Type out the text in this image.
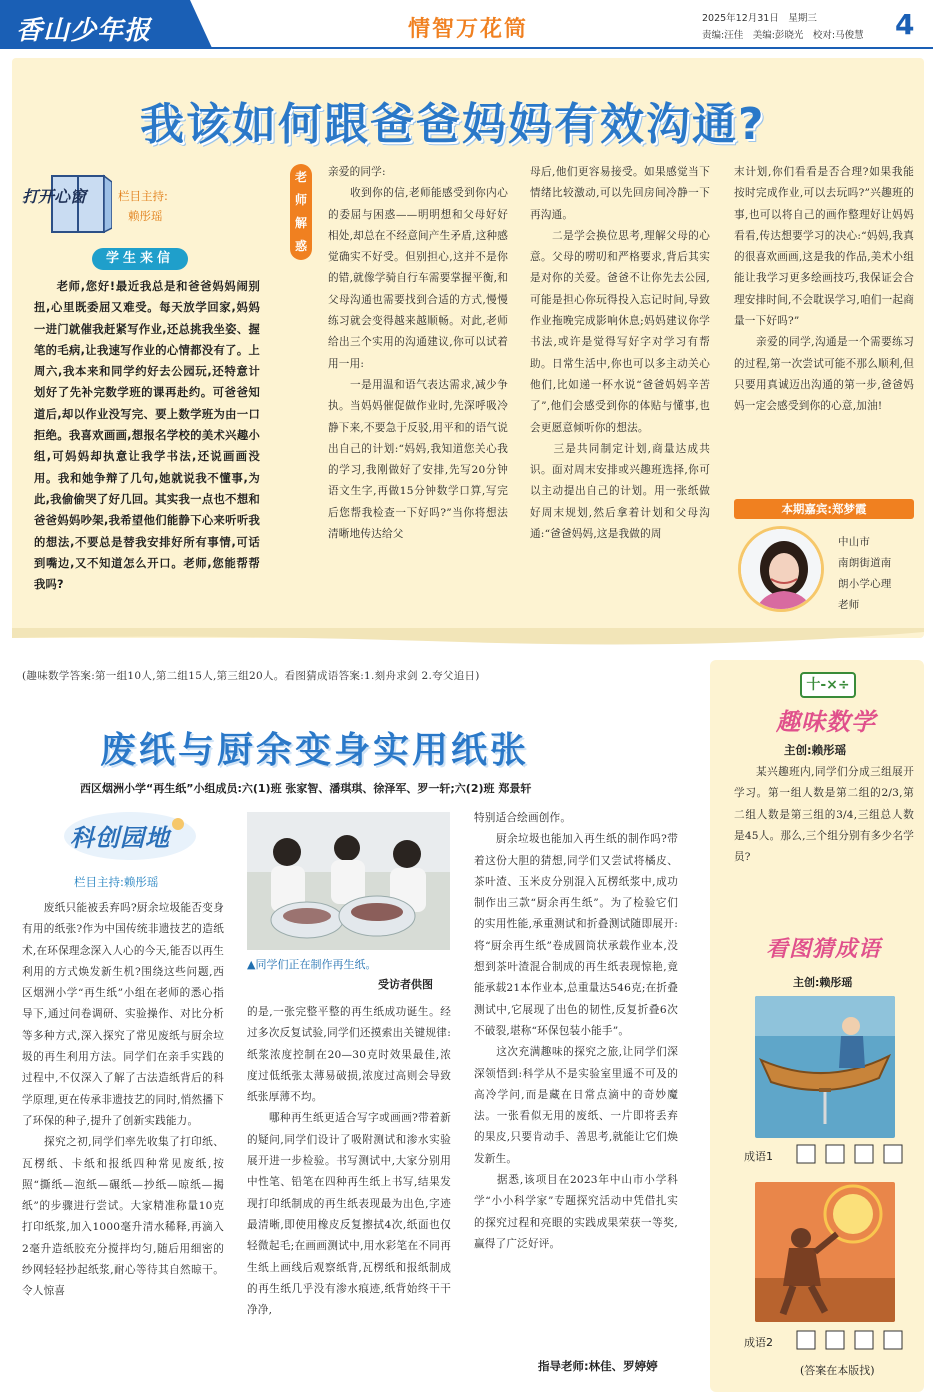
香山少年报	情智万花筒	2025年12月31日　星期三
责编:汪佳　美编:彭晓光　校对:马俊慧 4
我该如何跟爸爸妈妈有效沟通?
打开心窗	栏目主持:
赖彤瑶
学生来信
老师,您好!最近我总是和爸爸妈妈闹别扭,心里既委屈又难受。每天放学回家,妈妈一进门就催我赶紧写作业,还总挑我坐姿、握笔的毛病,让我速写作业的心情都没有了。上周六,我本来和同学约好去公园玩,还特意计划好了先补完数学班的课再赴约。可爸爸知道后,却以作业没写完、要上数学班为由一口拒绝。我喜欢画画,想报名学校的美术兴趣小组,可妈妈却执意让我学书法,还说画画没用。我和她争辩了几句,她就说我不懂事,为此,我偷偷哭了好几回。其实我一点也不想和爸爸妈妈吵架,我希望他们能静下心来听听我的想法,不要总是替我安排好所有事情,可话到嘴边,又不知道怎么开口。老师,您能帮帮我吗?
老师解惑
亲爱的同学:
　　收到你的信,老师能感受到你内心的委屈与困惑——明明想和父母好好相处,却总在不经意间产生矛盾,这种感觉确实不好受。但别担心,这并不是你的错,就像学骑自行车需要掌握平衡,和父母沟通也需要找到合适的方式,慢慢练习就会变得越来越顺畅。对此,老师给出三个实用的沟通建议,你可以试着用一用:
　　一是用温和语气表达需求,减少争执。当妈妈催促做作业时,先深呼吸冷静下来,不要急于反驳,用平和的语气说出自己的计划:“妈妈,我知道您关心我的学习,我刚做好了安排,先写20分钟语文生字,再做15分钟数学口算,写完后您帮我检查一下好吗?”当你将想法清晰地传达给父
母后,他们更容易接受。如果感觉当下情绪比较激动,可以先回房间冷静一下再沟通。
　　二是学会换位思考,理解父母的心意。父母的唠叨和严格要求,背后其实是对你的关爱。爸爸不让你先去公园,可能是担心你玩得投入忘记时间,导致作业拖晚完成影响休息;妈妈建议你学书法,或许是觉得写好字对学习有帮助。日常生活中,你也可以多主动关心他们,比如递一杯水说“爸爸妈妈辛苦了”,他们会感受到你的体贴与懂事,也会更愿意倾听你的想法。
　　三是共同制定计划,商量达成共识。面对周末安排或兴趣班选择,你可以主动提出自己的计划。用一张纸做好周末规划,然后拿着计划和父母沟通:“爸爸妈妈,这是我做的周
末计划,你们看看是否合理?如果我能按时完成作业,可以去玩吗?”兴趣班的事,也可以将自己的画作整理好让妈妈看看,传达想要学习的决心:“妈妈,我真的很喜欢画画,这是我的作品,美术小组能让我学习更多绘画技巧,我保证会合理安排时间,不会耽误学习,咱们一起商量一下好吗?”
　　亲爱的同学,沟通是一个需要练习的过程,第一次尝试可能不那么顺利,但只要用真诚迈出沟通的第一步,爸爸妈妈一定会感受到你的心意,加油!
本期嘉宾:郑梦霞
中山市
南朗街道南
朗小学心理
老师
(趣味数学答案:第一组10人,第二组15人,第三组20人。看图猜成语答案:1.刻舟求剑 2.夸父追日)
废纸与厨余变身实用纸张
西区烟洲小学“再生纸”小组成员:六(1)班 张家智、潘琪琪、徐泽军、罗一轩;六(2)班 郑景轩
科创园地
栏目主持:赖彤瑶
　　废纸只能被丢弃吗?厨余垃圾能否变身有用的纸张?作为中国传统非遗技艺的造纸术,在环保理念深入人心的今天,能否以再生利用的方式焕发新生机?围绕这些问题,西区烟洲小学“再生纸”小组在老师的悉心指导下,通过问卷调研、实验操作、对比分析等多种方式,深入探究了常见废纸与厨余垃圾的再生利用方法。同学们在亲手实践的过程中,不仅深入了解了古法造纸背后的科学原理,更在传承非遗技艺的同时,悄然播下了环保的种子,提升了创新实践能力。
　　探究之初,同学们率先收集了打印纸、瓦楞纸、卡纸和报纸四种常见废纸,按照“撕纸—泡纸—碾纸—抄纸—晾纸—揭纸”的步骤进行尝试。大家精准称量10克打印纸浆,加入1000毫升清水稀释,再滴入2毫升造纸胶充分搅拌均匀,随后用细密的纱网轻轻抄起纸浆,耐心等待其自然晾干。令人惊喜
▲同学们正在制作再生纸。
受访者供图
的是,一张完整平整的再生纸成功诞生。经过多次反复试验,同学们还摸索出关键规律:纸浆浓度控制在20—30克时效果最佳,浓度过低纸张太薄易破损,浓度过高则会导致纸张厚薄不均。
　　哪种再生纸更适合写字或画画?带着新的疑问,同学们设计了吸附测试和渗水实验展开进一步检验。书写测试中,大家分别用中性笔、铅笔在四种再生纸上书写,结果发现打印纸制成的再生纸表现最为出色,字迹最清晰,即使用橡皮反复擦拭4次,纸面也仅轻微起毛;在画画测试中,用水彩笔在不同再生纸上画线后观察纸背,瓦楞纸和报纸制成的再生纸几乎没有渗水痕迹,纸背始终干干净净,
特别适合绘画创作。
　　厨余垃圾也能加入再生纸的制作吗?带着这份大胆的猜想,同学们又尝试将橘皮、茶叶渣、玉米皮分别混入瓦楞纸浆中,成功制作出三款“厨余再生纸”。为了检验它们的实用性能,承重测试和折叠测试随即展开:将“厨余再生纸”卷成圆筒状承载作业本,没想到茶叶渣混合制成的再生纸表现惊艳,竟能承载21本作业本,总重量达546克;在折叠测试中,它展现了出色的韧性,反复折叠6次不破裂,堪称“环保包装小能手”。
　　这次充满趣味的探究之旅,让同学们深深领悟到:科学从不是实验室里遥不可及的高冷学问,而是藏在日常点滴中的奇妙魔法。一张看似无用的废纸、一片即将丢弃的果皮,只要肯动手、善思考,就能让它们焕发新生。
　　据悉,该项目在2023年中山市小学科学“小小科学家”专题探究活动中凭借扎实的探究过程和亮眼的实践成果荣获一等奖,赢得了广泛好评。
指导老师:林佳、罗婷婷
十-×÷
趣味数学
主创:赖彤瑶
　　某兴趣班内,同学们分成三组展开学习。第一组人数是第二组的2/3,第二组人数是第三组的3/4,三组总人数是45人。那么,三个组分别有多少名学员?
看图猜成语
主创:赖彤瑶
成语1
成语2
(答案在本版找)
